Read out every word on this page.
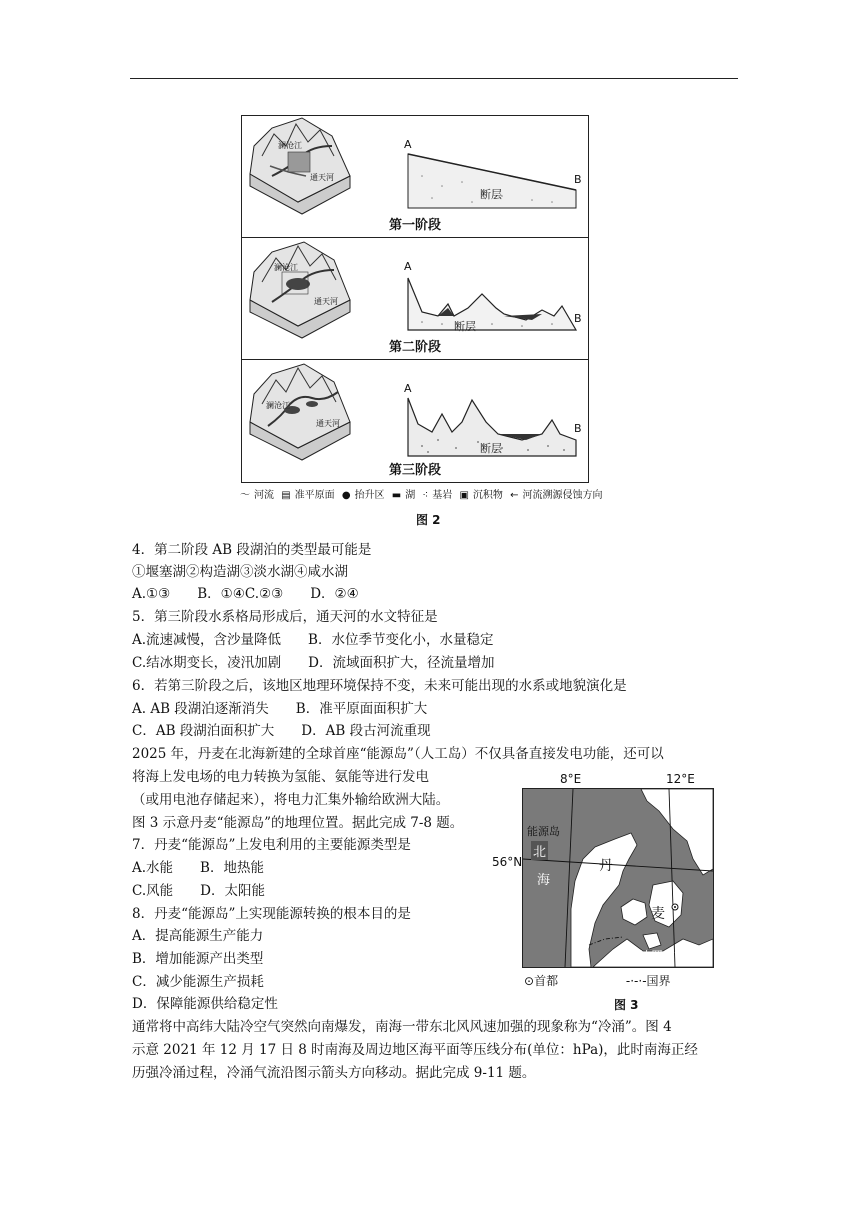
A
B
断层
澜沧江
通天河
第一阶段
A
B
断层
澜沧江
通天河
第二阶段
A
B
断层
澜沧江
通天河
第三阶段
〜 河流 ▤ 准平原面 ● 抬升区 ▬ 湖 ⁖ 基岩 ▣ 沉积物 ← 河流溯源侵蚀方向
图 2
4．第二阶段 AB 段湖泊的类型最可能是
①堰塞湖②构造湖③淡水湖④咸水湖
A.①③　　B．①④C.②③　　D．②④
5．第三阶段水系格局形成后，通天河的水文特征是
A.流速减慢，含沙量降低　　B．水位季节变化小，水量稳定
C.结冰期变长，凌汛加剧　　D．流域面积扩大，径流量增加
6．若第三阶段之后，该地区地理环境保持不变，未来可能出现的水系或地貌演化是
A. AB 段湖泊逐渐消失　　B．准平原面面积扩大
C．AB 段湖泊面积扩大　　D．AB 段古河流重现
2025 年，丹麦在北海新建的全球首座“能源岛”（人工岛）不仅具备直接发电功能，还可以
将海上发电场的电力转换为氢能、氨能等进行发电
（或用电池存储起来），将电力汇集外输给欧洲大陆。
图 3 示意丹麦“能源岛”的地理位置。据此完成 7-8 题。
7．丹麦“能源岛”上发电利用的主要能源类型是
A.水能　　B．地热能
C.风能　　D．太阳能
8．丹麦“能源岛”上实现能源转换的根本目的是
A．提高能源生产能力
B．增加能源产出类型
C．减少能源生产损耗
D．保障能源供给稳定性
8°E	12°E
56°N
能源岛
北
海
丹
麦
波罗的海
⊙首都	-·-·-国界
图 3
通常将中高纬大陆冷空气突然向南爆发，南海一带东北风风速加强的现象称为“冷涌”。图 4
示意 2021 年 12 月 17 日 8 时南海及周边地区海平面等压线分布(单位：hPa)，此时南海正经
历强冷涌过程，冷涌气流沿图示箭头方向移动。据此完成 9-11 题。
